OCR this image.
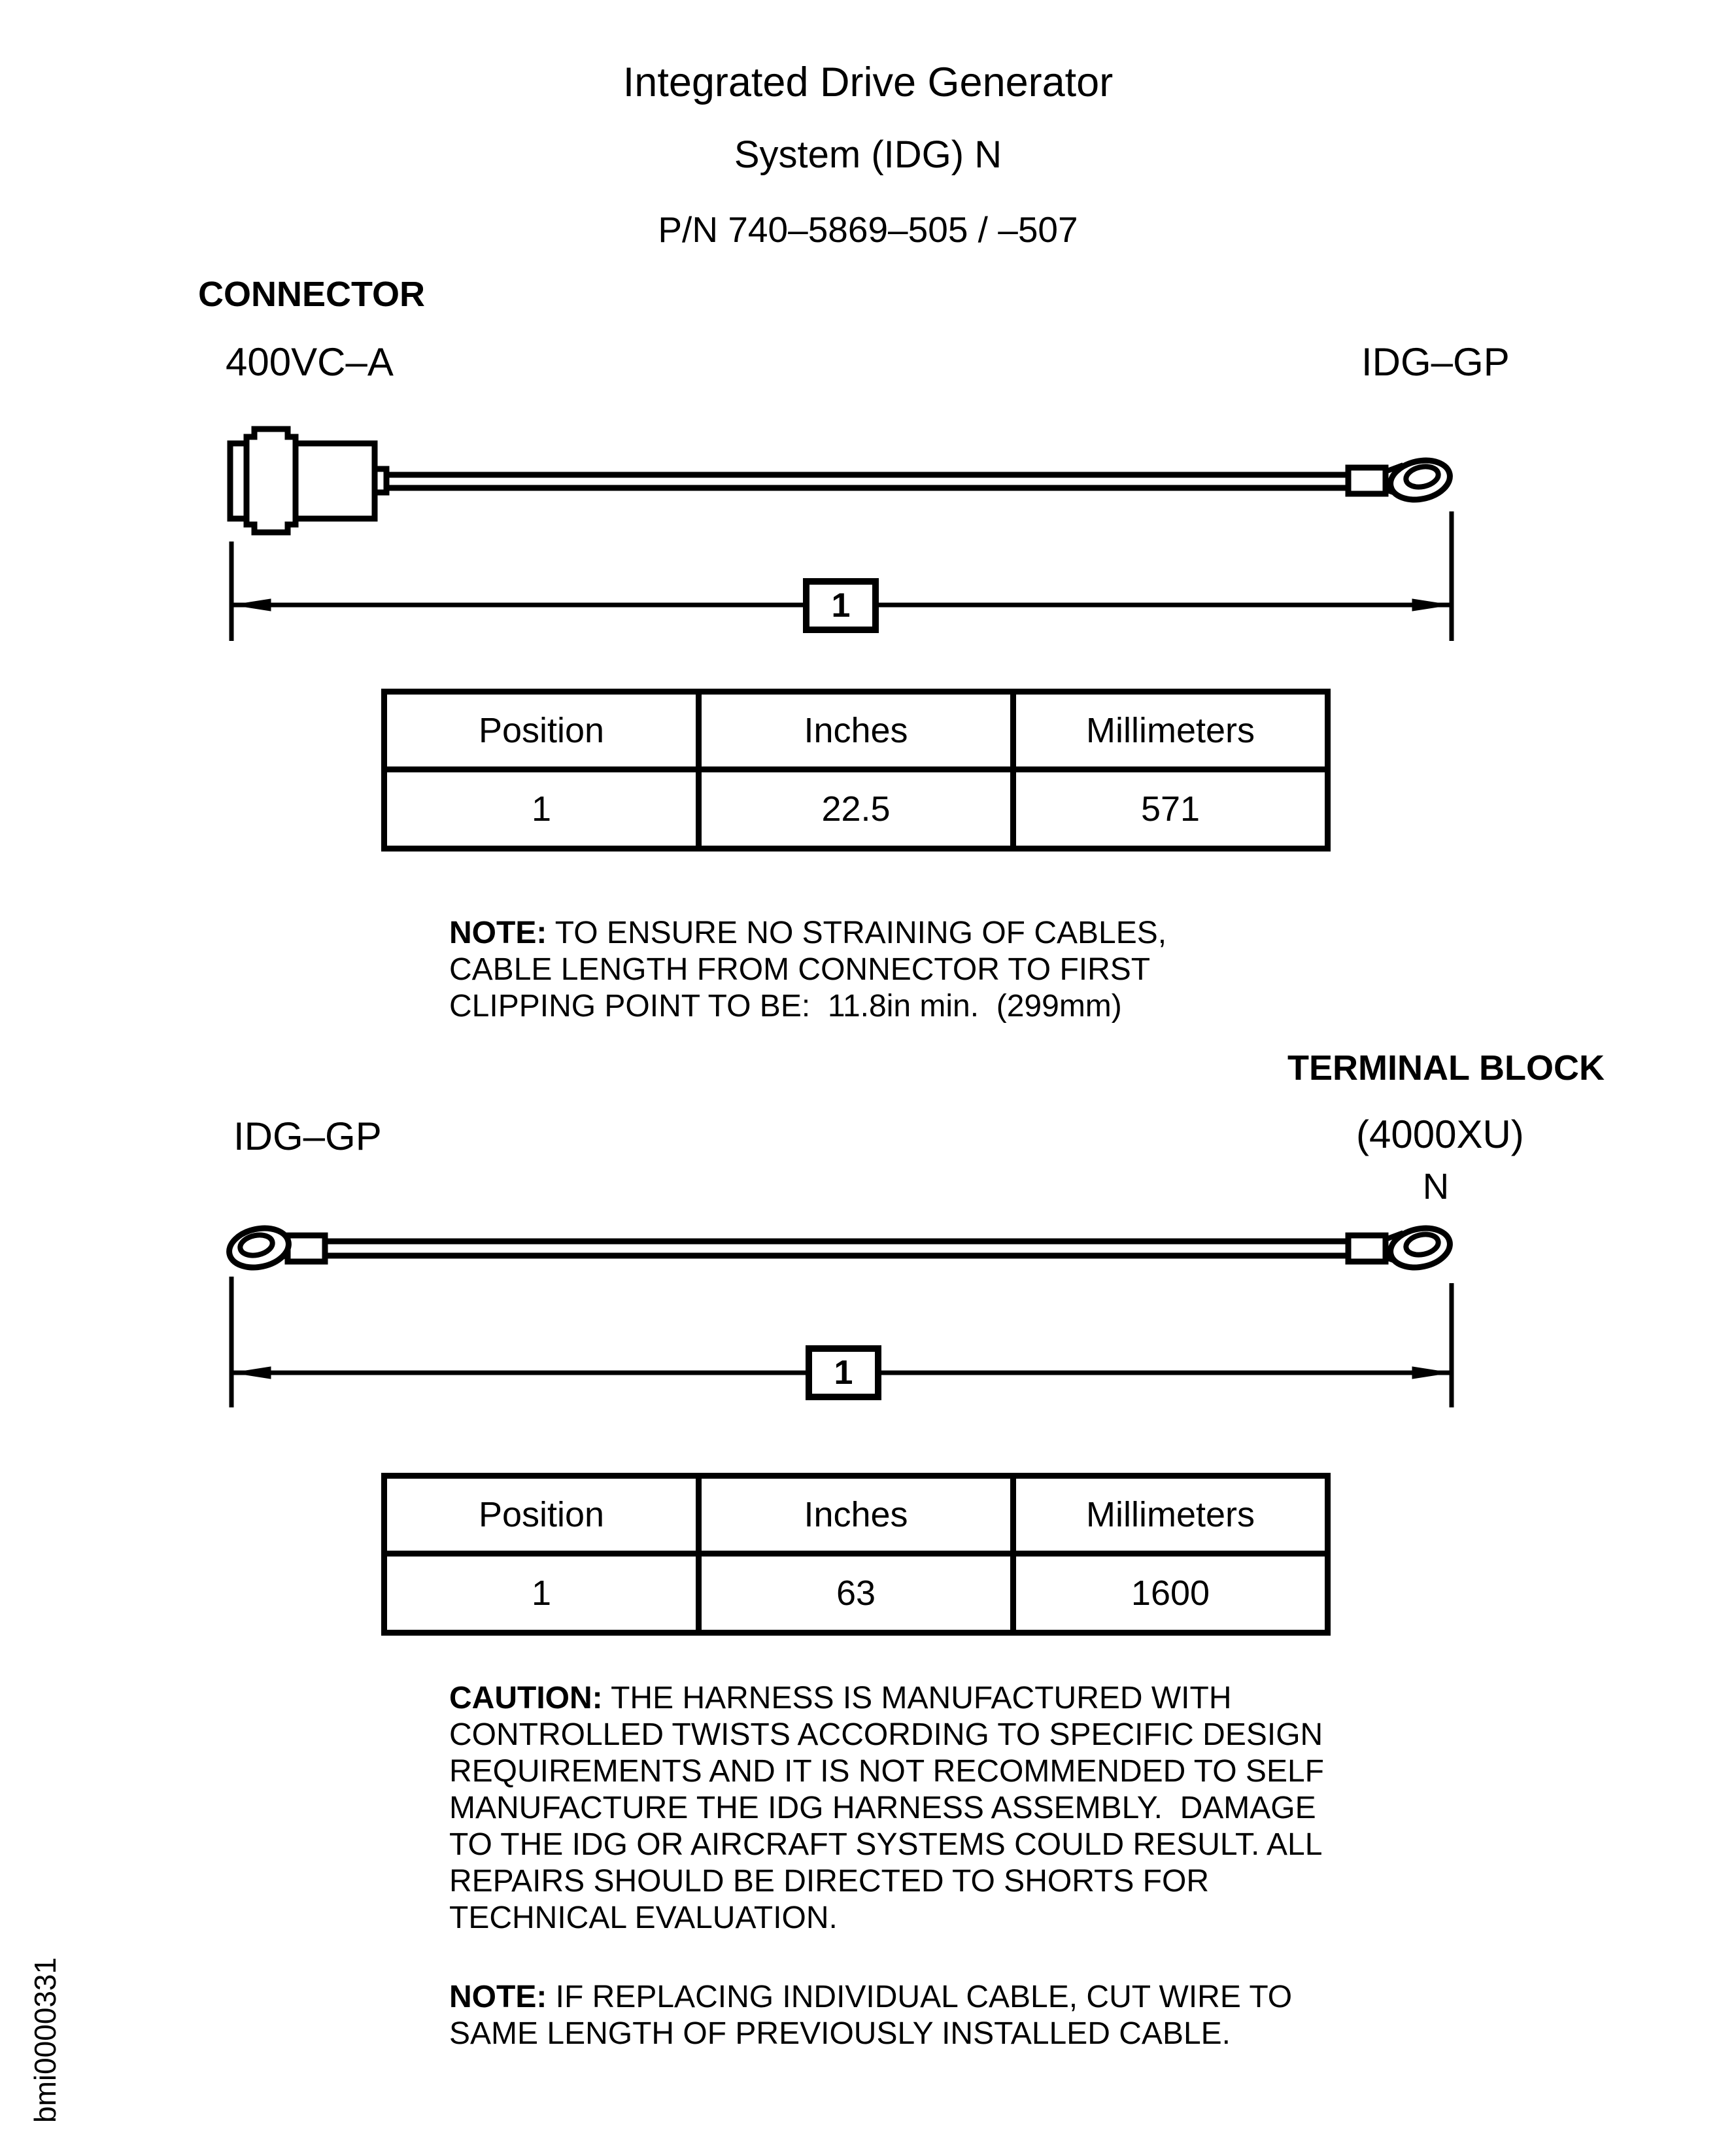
Integrated Drive Generator
System (IDG) N
P/N 740–5869–505 / –507
CONNECTOR
400VC–A	IDG–GP
1
Position	Inches	Millimeters
1	22.5	571
NOTE: TO ENSURE NO STRAINING OF CABLES,
CABLE LENGTH FROM CONNECTOR TO FIRST
CLIPPING POINT TO BE:  11.8in min.  (299mm)
TERMINAL BLOCK
IDG–GP	(4000XU)
N
1
Position	Inches	Millimeters
1	63	1600
CAUTION: THE HARNESS IS MANUFACTURED WITH
CONTROLLED TWISTS ACCORDING TO SPECIFIC DESIGN
REQUIREMENTS AND IT IS NOT RECOMMENDED TO SELF
MANUFACTURE THE IDG HARNESS ASSEMBLY.  DAMAGE
TO THE IDG OR AIRCRAFT SYSTEMS COULD RESULT. ALL
REPAIRS SHOULD BE DIRECTED TO SHORTS FOR
TECHNICAL EVALUATION.
NOTE: IF REPLACING INDIVIDUAL CABLE, CUT WIRE TO
SAME LENGTH OF PREVIOUSLY INSTALLED CABLE.
bmi0000331
